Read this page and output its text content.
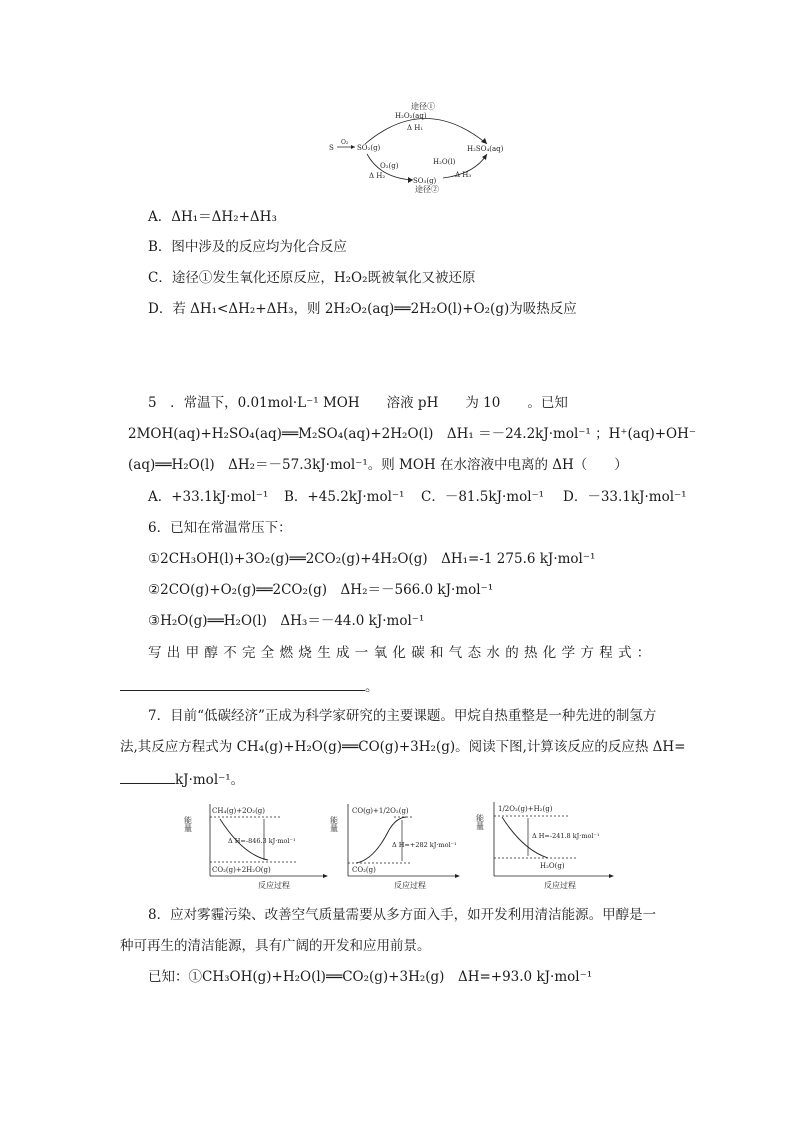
途径①
H₂O₂(aq)
Δ H₁
S
O₂
SO₂(g)	H₂SO₄(aq)
O₂(g)	H₂O(l)
Δ H₂
SO₃(g)
Δ H₃
途径②
A．ΔH₁＝ΔH₂+ΔH₃
B．图中涉及的反应均为化合反应
C．途径①发生氧化还原反应，H₂O₂既被氧化又被还原
D．若 ΔH₁<ΔH₂+ΔH₃，则 2H₂O₂(aq)══2H₂O(l)+O₂(g)为吸热反应
5　．常温下，0.01mol·L⁻¹ MOH　　溶液 pH　　为 10　　。已知
2MOH(aq)+H₂SO₄(aq)══M₂SO₄(aq)+2H₂O(l)　ΔH₁ ＝－24.2kJ·mol⁻¹ ；H⁺(aq)+OH⁻
(aq)══H₂O(l)　ΔH₂＝－57.3kJ·mol⁻¹。则 MOH 在水溶液中电离的 ΔH（　　）
A．+33.1kJ·mol⁻¹ B．+45.2kJ·mol⁻¹ C．－81.5kJ·mol⁻¹ D．－33.1kJ·mol⁻¹
6．已知在常温常压下：
①2CH₃OH(l)+3O₂(g)══2CO₂(g)+4H₂O(g)　ΔH₁=-1 275.6 kJ·mol⁻¹
②2CO(g)+O₂(g)══2CO₂(g)　ΔH₂＝－566.0 kJ·mol⁻¹
③H₂O(g)══H₂O(l)　ΔH₃＝－44.0 kJ·mol⁻¹
写出甲醇不完全燃烧生成一氧化碳和气态水的热化学方程式：
。
7．目前“低碳经济”正成为科学家研究的主要课题。甲烷自热重整是一种先进的制氢方
法,其反应方程式为 CH₄(g)+H₂O(g)══CO(g)+3H₂(g)。阅读下图,计算该反应的反应热 ΔH=
kJ·mol⁻¹。
能量
CH₄(g)+2O₂(g)
Δ H=-846.3 kJ·mol⁻¹
CO₂(g)+2H₂O(g)
反应过程
能量
CO(g)+1/2O₂(g)
Δ H=+282 kJ·mol⁻¹
CO₂(g)
反应过程
能量
1/2O₂(g)+H₂(g)
Δ H=-241.8 kJ·mol⁻¹
H₂O(g)
反应过程
8．应对雾霾污染、改善空气质量需要从多方面入手，如开发利用清洁能源。甲醇是一
种可再生的清洁能源，具有广阔的开发和应用前景。
已知：①CH₃OH(g)+H₂O(l)══CO₂(g)+3H₂(g)　ΔH=+93.0 kJ·mol⁻¹
